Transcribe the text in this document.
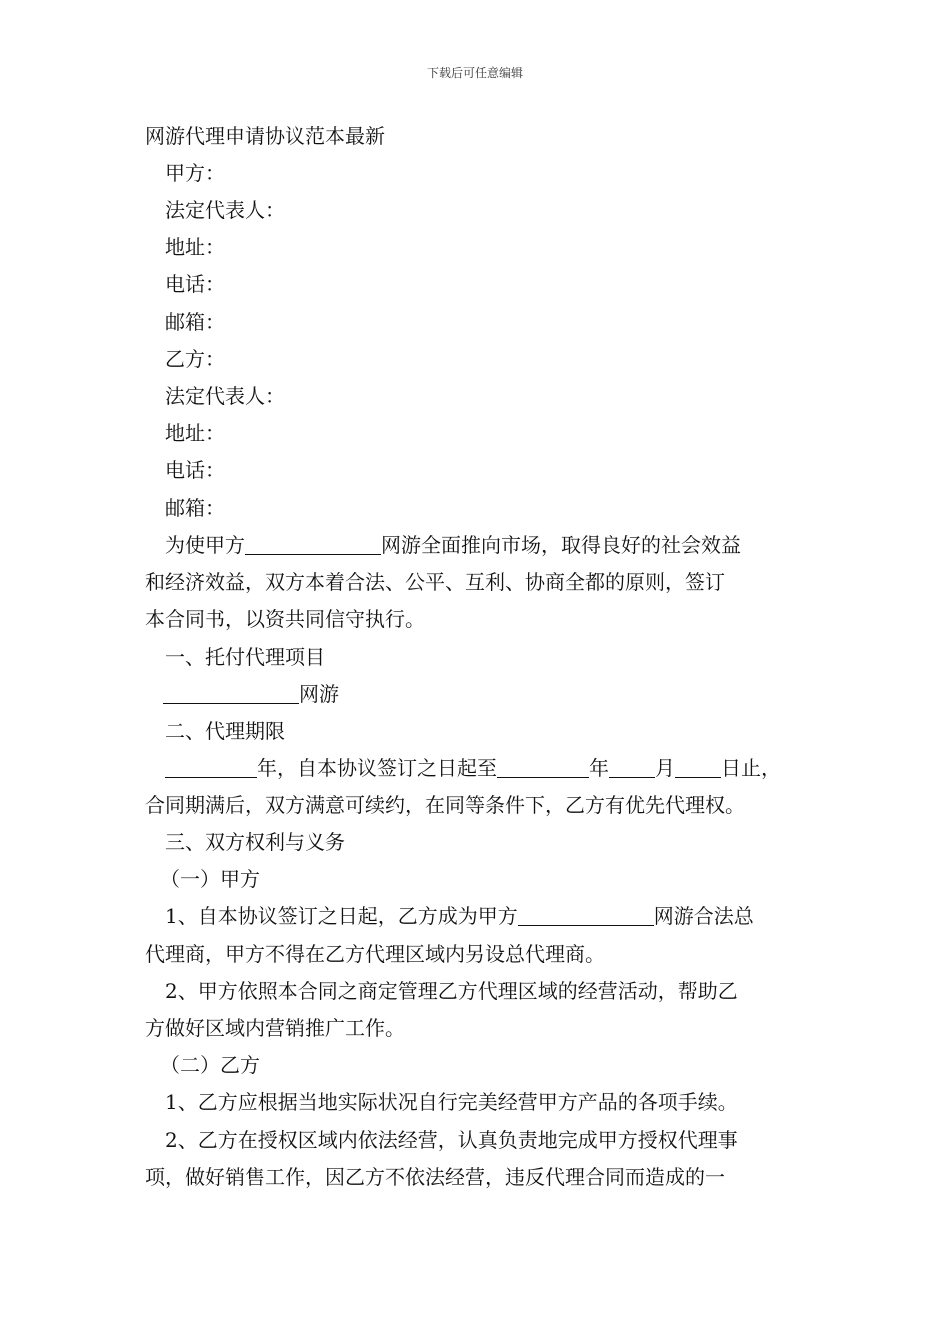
下载后可任意编辑
网游代理申请协议范本最新
甲方：
法定代表人：
地址：
电话：
邮箱：
乙方：
法定代表人：
地址：
电话：
邮箱：
为使甲方	网游全面推向市场，取得良好的社会效益
和经济效益，双方本着合法、公平、互利、协商全都的原则，签订
本合同书，以资共同信守执行。
一、托付代理项目
网游
二、代理期限
年，自本协议签订之日起至	年 月 日止，
合同期满后，双方满意可续约，在同等条件下，乙方有优先代理权。
三、双方权利与义务
（一）甲方
1、自本协议签订之日起，乙方成为甲方	网游合法总
代理商，甲方不得在乙方代理区域内另设总代理商。
2、甲方依照本合同之商定管理乙方代理区域的经营活动，帮助乙
方做好区域内营销推广工作。
（二）乙方
1、乙方应根据当地实际状况自行完美经营甲方产品的各项手续。
2、乙方在授权区域内依法经营，认真负责地完成甲方授权代理事
项，做好销售工作，因乙方不依法经营，违反代理合同而造成的一
